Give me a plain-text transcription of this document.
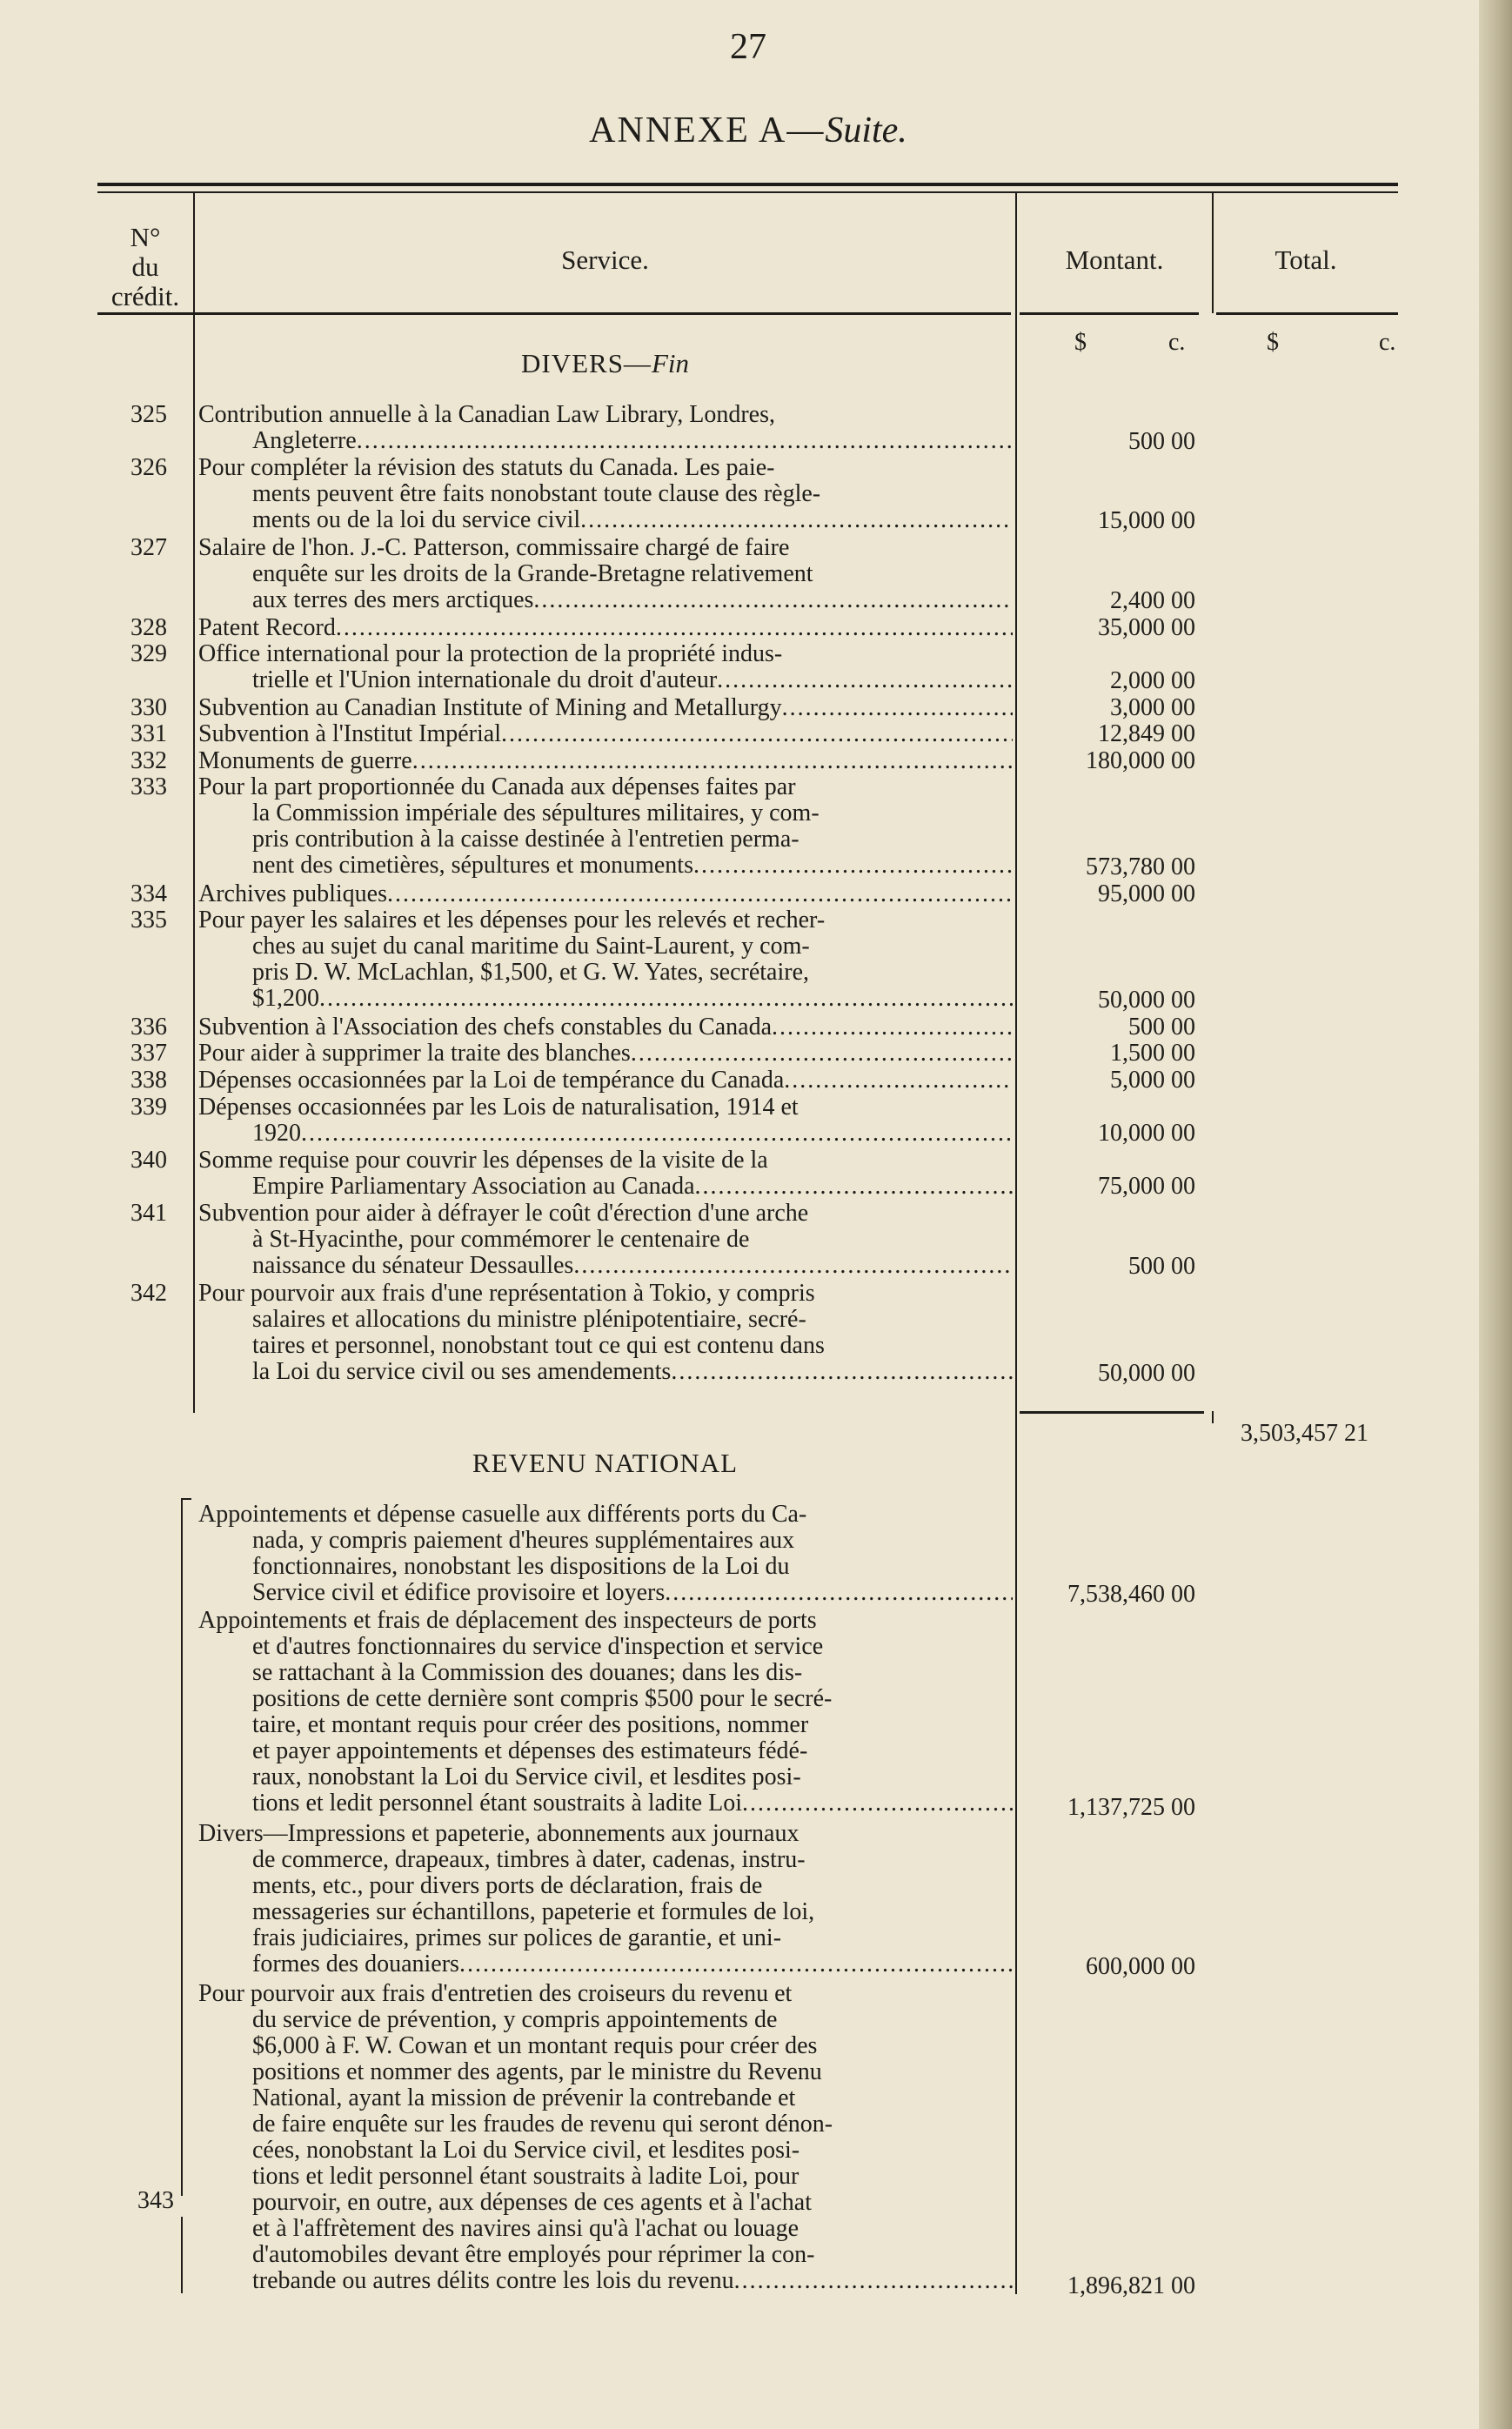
27
ANNEXE A—Suite.
N°
du
crédit.
Service.	Montant.	Total.
$	c.	$	c.
DIVERS—Fin
325 Contribution annuelle à la Canadian Law Library, Londres,
Angleterre .....	500 00
326 Pour compléter la révision des statuts du Canada. Les paie-
ments peuvent être faits nonobstant toute clause des règle-
ments ou de la loi du service civil .....	15,000 00
327 Salaire de l'hon. J.-C. Patterson, commissaire chargé de faire
enquête sur les droits de la Grande-Bretagne relativement
aux terres des mers arctiques .....	2,400 00
328 Patent Record .....	35,000 00
329 Office international pour la protection de la propriété indus-
trielle et l'Union internationale du droit d'auteur .....	2,000 00
330 Subvention au Canadian Institute of Mining and Metallurgy .....	3,000 00
331 Subvention à l'Institut Impérial .....	12,849 00
332 Monuments de guerre .....	180,000 00
333 Pour la part proportionnée du Canada aux dépenses faites par
la Commission impériale des sépultures militaires, y com-
pris contribution à la caisse destinée à l'entretien perma-
nent des cimetières, sépultures et monuments .....	573,780 00
334 Archives publiques .....	95,000 00
335 Pour payer les salaires et les dépenses pour les relevés et recher-
ches au sujet du canal maritime du Saint-Laurent, y com-
pris D. W. McLachlan, $1,500, et G. W. Yates, secrétaire,
$1,200 .....	50,000 00
336 Subvention à l'Association des chefs constables du Canada .....	500 00
337 Pour aider à supprimer la traite des blanches .....	1,500 00
338 Dépenses occasionnées par la Loi de tempérance du Canada .....	5,000 00
339 Dépenses occasionnées par les Lois de naturalisation, 1914 et
1920 .....	10,000 00
340 Somme requise pour couvrir les dépenses de la visite de la
Empire Parliamentary Association au Canada .....	75,000 00
341 Subvention pour aider à défrayer le coût d'érection d'une arche
à St-Hyacinthe, pour commémorer le centenaire de
naissance du sénateur Dessaulles .....	500 00
342 Pour pourvoir aux frais d'une représentation à Tokio, y compris
salaires et allocations du ministre plénipotentiaire, secré-
taires et personnel, nonobstant tout ce qui est contenu dans
la Loi du service civil ou ses amendements .....	50,000 00
3,503,457 21
REVENU NATIONAL
343
Appointements et dépense casuelle aux différents ports du Ca-
nada, y compris paiement d'heures supplémentaires aux
fonctionnaires, nonobstant les dispositions de la Loi du
Service civil et édifice provisoire et loyers .....	7,538,460 00
Appointements et frais de déplacement des inspecteurs de ports
et d'autres fonctionnaires du service d'inspection et service
se rattachant à la Commission des douanes; dans les dis-
positions de cette dernière sont compris $500 pour le secré-
taire, et montant requis pour créer des positions, nommer
et payer appointements et dépenses des estimateurs fédé-
raux, nonobstant la Loi du Service civil, et lesdites posi-
tions et ledit personnel étant soustraits à ladite Loi .....	1,137,725 00
Divers—Impressions et papeterie, abonnements aux journaux
de commerce, drapeaux, timbres à dater, cadenas, instru-
ments, etc., pour divers ports de déclaration, frais de
messageries sur échantillons, papeterie et formules de loi,
frais judiciaires, primes sur polices de garantie, et uni-
formes des douaniers .....	600,000 00
Pour pourvoir aux frais d'entretien des croiseurs du revenu et
du service de prévention, y compris appointements de
$6,000 à F. W. Cowan et un montant requis pour créer des
positions et nommer des agents, par le ministre du Revenu
National, ayant la mission de prévenir la contrebande et
de faire enquête sur les fraudes de revenu qui seront dénon-
cées, nonobstant la Loi du Service civil, et lesdites posi-
tions et ledit personnel étant soustraits à ladite Loi, pour
pourvoir, en outre, aux dépenses de ces agents et à l'achat
et à l'affrètement des navires ainsi qu'à l'achat ou louage
d'automobiles devant être employés pour réprimer la con-
trebande ou autres délits contre les lois du revenu .....	1,896,821 00
